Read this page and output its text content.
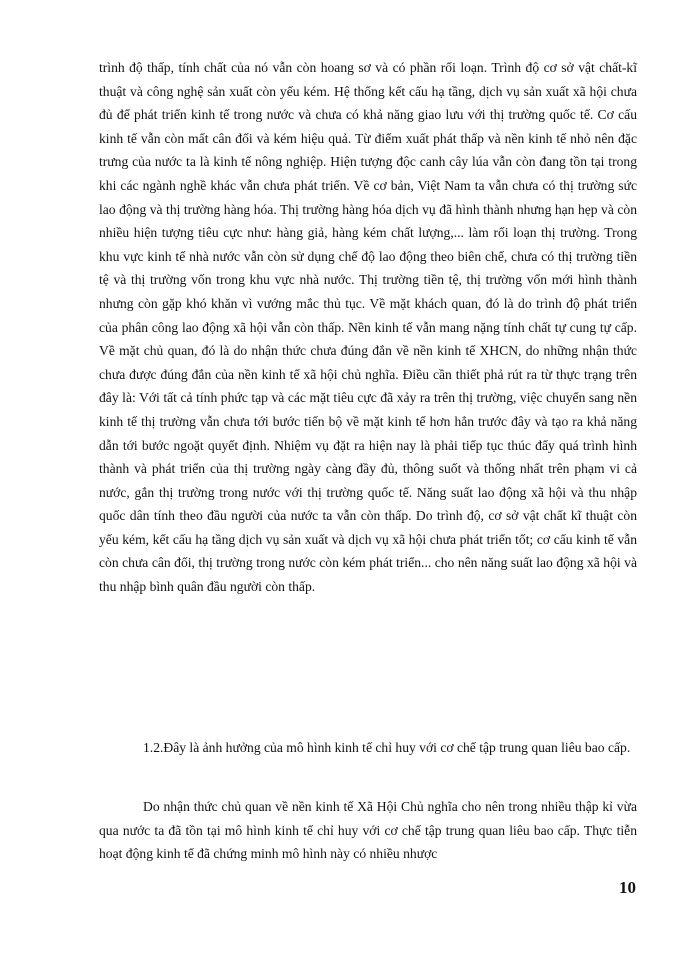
trình độ thấp, tính chất của nó vẫn còn hoang sơ và có phần rối loạn. Trình độ cơ sở vật chất-kĩ thuật và công nghệ sản xuất còn yếu kém. Hệ thống kết cấu hạ tầng, dịch vụ sản xuất xã hội chưa đủ để phát triển kinh tế trong nước và chưa có khả năng giao lưu với thị trường quốc tế. Cơ cấu kinh tế vẫn còn mất cân đối và kém hiệu quả. Từ điểm xuất phát thấp và nền kinh tế nhỏ nên đặc trưng của nước ta là kinh tế nông nghiệp. Hiện tượng độc canh cây lúa vẫn còn đang tồn tại trong khi các ngành nghề khác vẫn chưa phát triển. Về cơ bản, Việt Nam ta vẫn chưa có thị trường sức lao động và thị trường hàng hóa. Thị trường hàng hóa dịch vụ đã hình thành nhưng hạn hẹp và còn nhiều hiện tượng tiêu cực như: hàng giả, hàng kém chất lượng,... làm rối loạn thị trường. Trong khu vực kinh tế nhà nước vẫn còn sử dụng chế độ lao động theo biên chế, chưa có thị trường tiền tệ và thị trường vốn trong khu vực nhà nước. Thị trường tiền tệ, thị trường vốn mới hình thành nhưng còn gặp khó khăn vì vướng mắc thủ tục. Về mặt khách quan, đó là do trình độ phát triển của phân công lao động xã hội vẫn còn thấp. Nền kinh tế vẫn mang nặng tính chất tự cung tự cấp. Về mặt chủ quan, đó là do nhận thức chưa đúng đắn về nền kinh tế XHCN, do những nhận thức chưa được đúng đắn của nền kinh tế xã hội chủ nghĩa. Điều cần thiết phả rút ra từ thực trạng trên đây là: Với tất cả tính phức tạp và các mặt tiêu cực đã xảy ra trên thị trường, việc chuyển sang nền kinh tế thị trường vẫn chưa tới bước tiến bộ về mặt kinh tế hơn hẳn trước đây và tạo ra khả năng dẫn tới bước ngoặt quyết định. Nhiệm vụ đặt ra hiện nay là phải tiếp tục thúc đẩy quá trình hình thành và phát triển của thị trường ngày càng đầy đủ, thông suốt và thống nhất trên phạm vi cả nước, gắn thị trường trong nước với thị trường quốc tế. Năng suất lao động xã hội và thu nhập quốc dân tính theo đầu người của nước ta vẫn còn thấp. Do trình độ, cơ sở vật chất kĩ thuật còn yếu kém, kết cấu hạ tầng dịch vụ sản xuất và dịch vụ xã hội chưa phát triển tốt; cơ cấu kinh tế vẫn còn chưa cân đối, thị trường trong nước còn kém phát triển... cho nên năng suất lao động xã hội và thu nhập bình quân đầu người còn thấp.

1.2.Đây là ảnh hưởng của mô hình kinh tế chỉ huy với cơ chế tập trung quan liêu bao cấp.

Do nhận thức chủ quan về nền kinh tế Xã Hội Chủ nghĩa cho nên trong nhiều thập kỉ vừa qua nước ta đã tồn tại mô hình kinh tế chỉ huy với cơ chế tập trung quan liêu bao cấp. Thực tiễn hoạt động kinh tế đã chứng minh mô hình này có nhiều nhược

10
